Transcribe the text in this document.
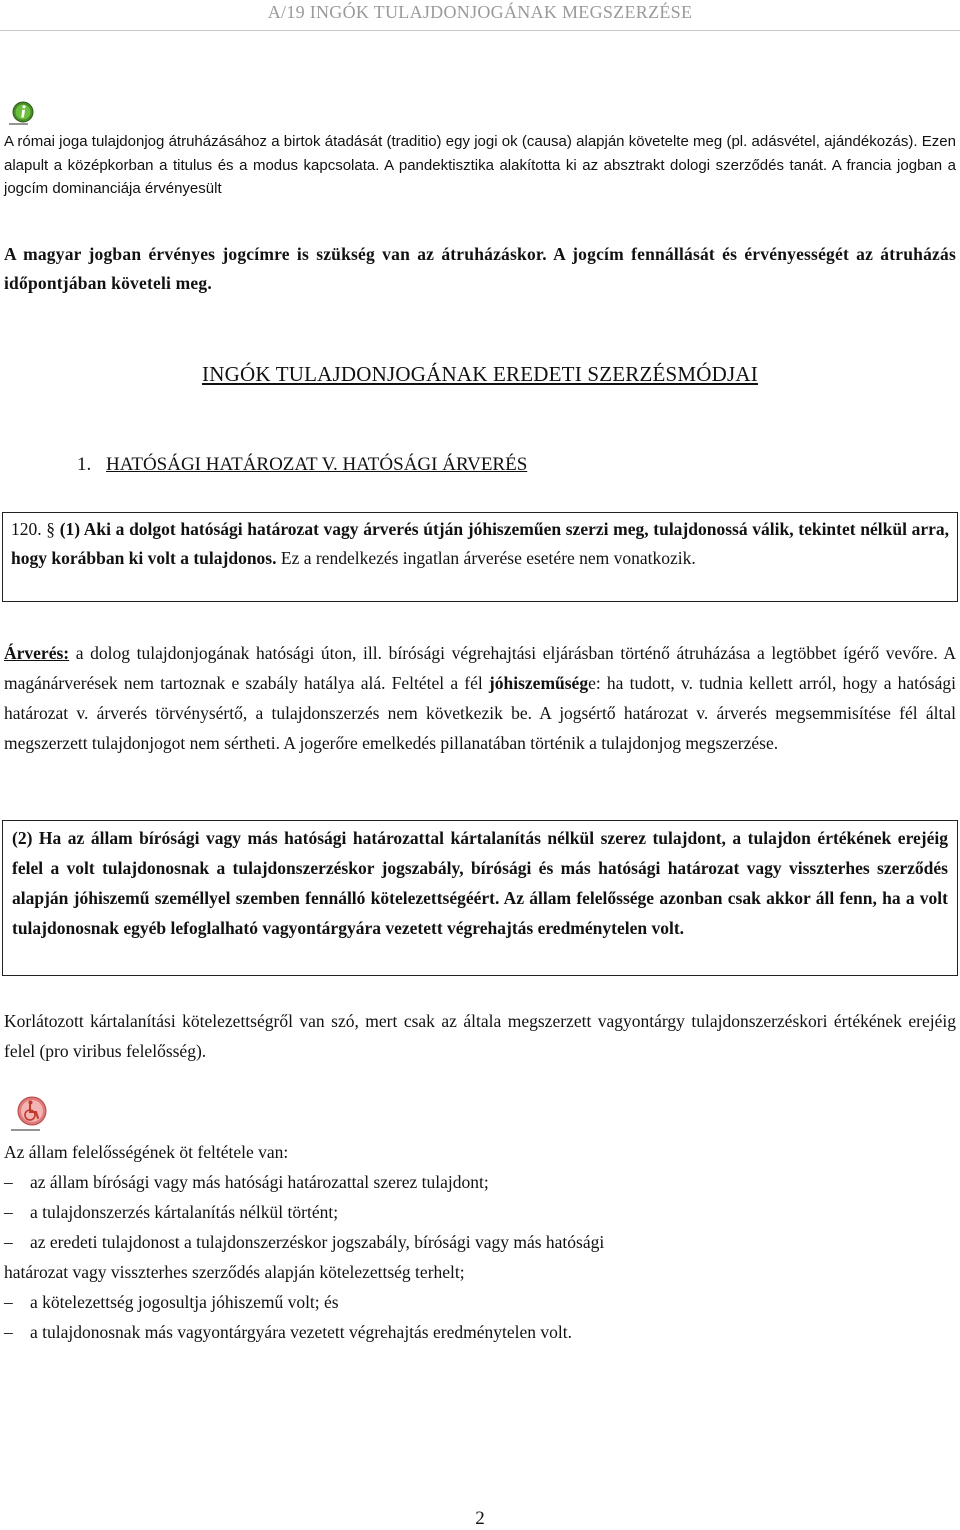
A/19 INGÓK TULAJDONJOGÁNAK MEGSZERZÉSE
A római joga tulajdonjog átruházásához a birtok átadását (traditio) egy jogi ok (causa) alapján követelte meg (pl. adásvétel, ajándékozás). Ezen alapult a középkorban a titulus és a modus kapcsolata. A pandektisztika alakította ki az absztrakt dologi szerződés tanát. A francia jogban a jogcím dominanciája érvényesült
A magyar jogban érvényes jogcímre is szükség van az átruházáskor. A jogcím fennállását és érvényességét az átruházás időpontjában követeli meg.
INGÓK TULAJDONJOGÁNAK EREDETI SZERZÉSMÓDJAI
1. HATÓSÁGI HATÁROZAT V. HATÓSÁGI ÁRVERÉS
120. § (1) Aki a dolgot hatósági határozat vagy árverés útján jóhiszeműen szerzi meg, tulajdonossá válik, tekintet nélkül arra, hogy korábban ki volt a tulajdonos. Ez a rendelkezés ingatlan árverése esetére nem vonatkozik.
Árverés: a dolog tulajdonjogának hatósági úton, ill. bírósági végrehajtási eljárásban történő átruházása a legtöbbet ígérő vevőre. A magánárverések nem tartoznak e szabály hatálya alá. Feltétel a fél jóhiszeműsége: ha tudott, v. tudnia kellett arról, hogy a hatósági határozat v. árverés törvénysértő, a tulajdonszerzés nem következik be. A jogsértő határozat v. árverés megsemmisítése fél által megszerzett tulajdonjogot nem sértheti. A jogerőre emelkedés pillanatában történik a tulajdonjog megszerzése.
(2) Ha az állam bírósági vagy más hatósági határozattal kártalanítás nélkül szerez tulajdont, a tulajdon értékének erejéig felel a volt tulajdonosnak a tulajdonszerzéskor jogszabály, bírósági és más hatósági határozat vagy visszterhes szerződés alapján jóhiszemű személlyel szemben fennálló kötelezettségéért. Az állam felelőssége azonban csak akkor áll fenn, ha a volt tulajdonosnak egyéb lefoglalható vagyontárgyára vezetett végrehajtás eredménytelen volt.
Korlátozott kártalanítási kötelezettségről van szó, mert csak az általa megszerzett vagyontárgy tulajdonszerzéskori értékének erejéig felel (pro viribus felelősség).
Az állam felelősségének öt feltétele van:
– az állam bírósági vagy más hatósági határozattal szerez tulajdont;
– a tulajdonszerzés kártalanítás nélkül történt;
– az eredeti tulajdonost a tulajdonszerzéskor jogszabály, bírósági vagy más hatósági
határozat vagy visszterhes szerződés alapján kötelezettség terhelt;
– a kötelezettség jogosultja jóhiszemű volt; és
– a tulajdonosnak más vagyontárgyára vezetett végrehajtás eredménytelen volt.
2
